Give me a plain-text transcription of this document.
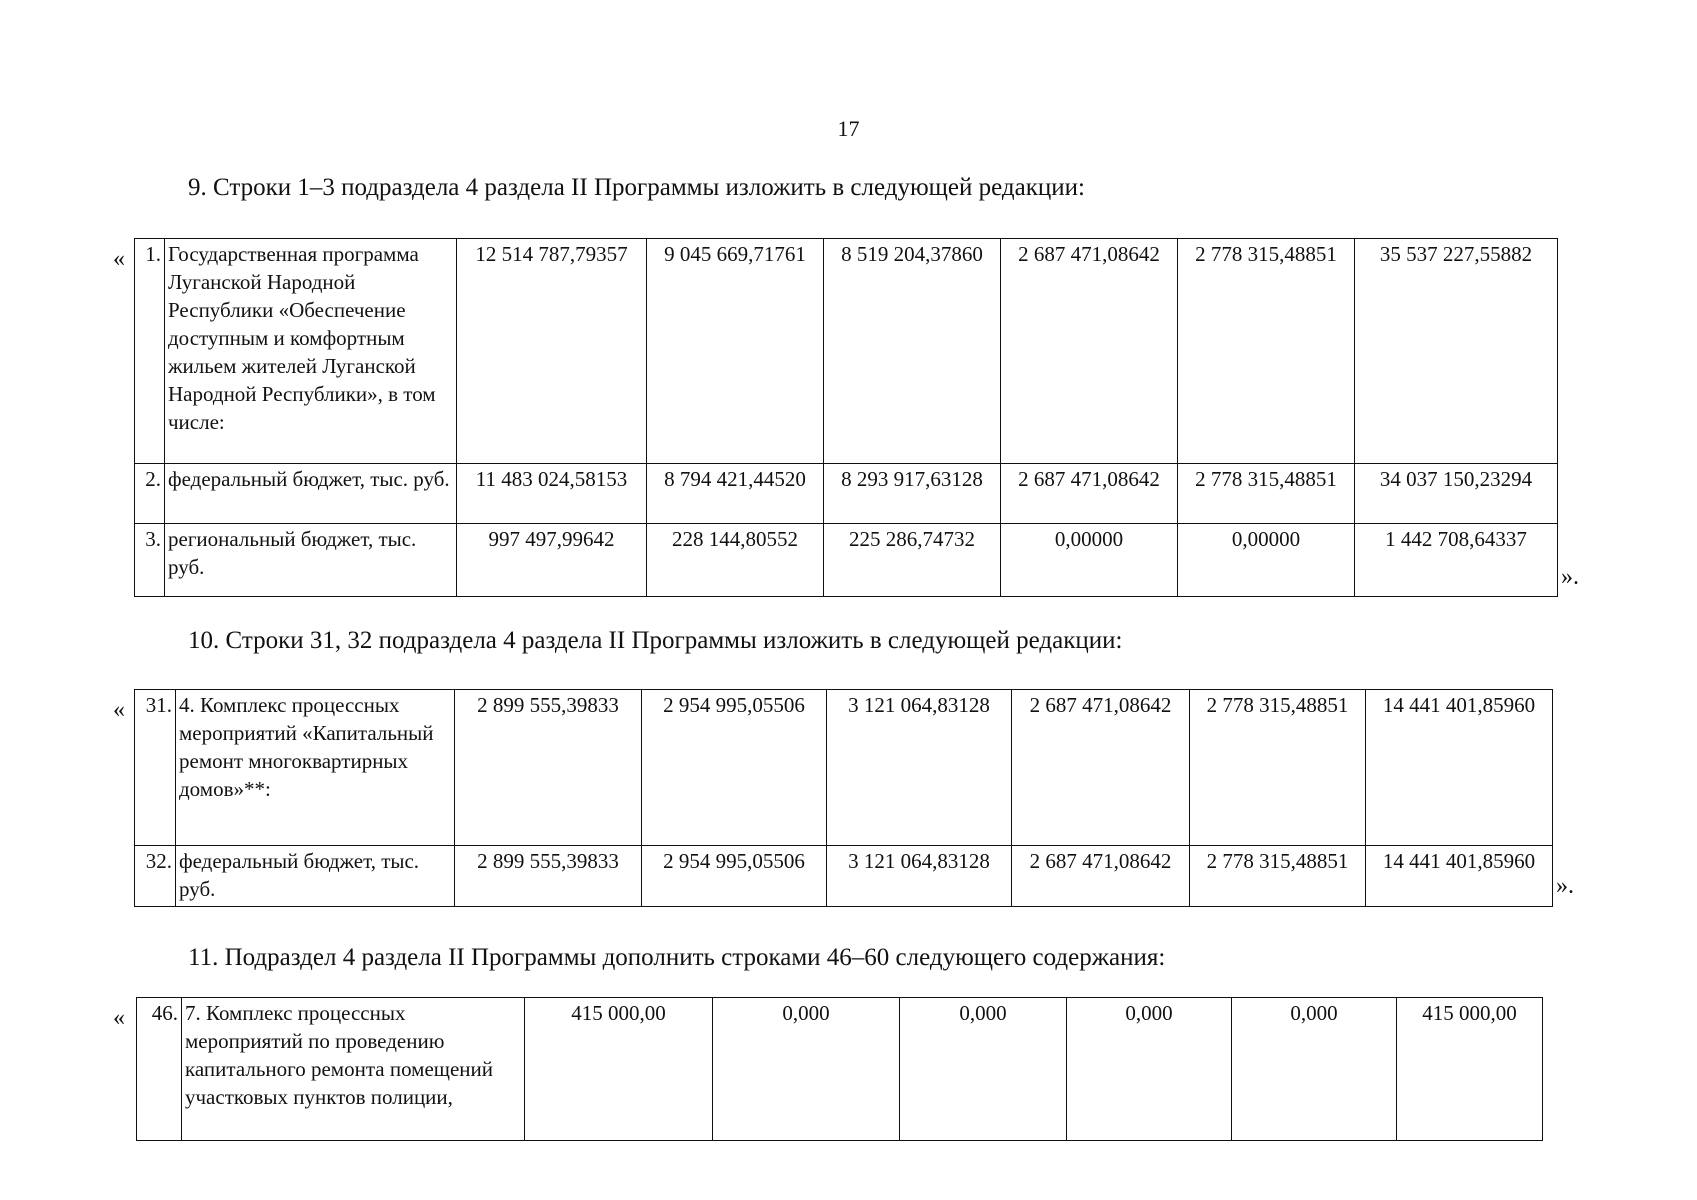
17
9. Строки 1–3 подраздела 4 раздела II Программы изложить в следующей редакции:
« 1.	Государственная программа Луганской Народной Республики «Обеспечение доступным и комфортным жильем жителей Луганской Народной Республики», в том числе:	12 514 787,79357	9 045 669,71761	8 519 204,37860	2 687 471,08642	2 778 315,48851	35 537 227,55882
2.	федеральный бюджет, тыс. руб.	11 483 024,58153	8 794 421,44520	8 293 917,63128	2 687 471,08642	2 778 315,48851	34 037 150,23294
3.	региональный бюджет, тыс. руб.	997 497,99642	228 144,80552	225 286,74732	0,00000	0,00000	1 442 708,64337
».
10. Строки 31, 32 подраздела 4 раздела II Программы изложить в следующей редакции:
« 31.	4. Комплекс процессных мероприятий «Капитальный ремонт многоквартирных домов»**:	2 899 555,39833	2 954 995,05506	3 121 064,83128	2 687 471,08642	2 778 315,48851	14 441 401,85960
32.	федеральный бюджет, тыс. руб.	2 899 555,39833	2 954 995,05506	3 121 064,83128	2 687 471,08642	2 778 315,48851	14 441 401,85960
».
11. Подраздел 4 раздела II Программы дополнить строками 46–60 следующего содержания:
« 46.	7. Комплекс процессных мероприятий по проведению капитального ремонта помещений участковых пунктов полиции,	415 000,00	0,000	0,000	0,000	0,000	415 000,00
